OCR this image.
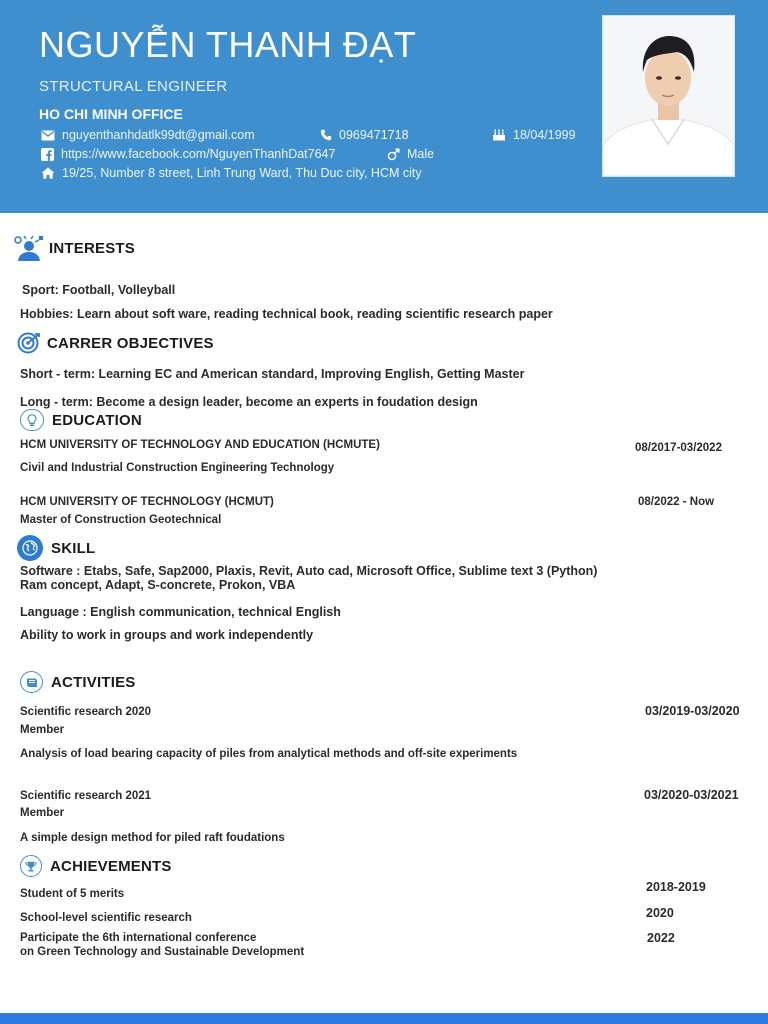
NGUYỄN THANH ĐẠT
STRUCTURAL ENGINEER
HO CHI MINH OFFICE
nguyenthanhdatlk99dt@gmail.com	0969471718	18/04/1999
https://www.facebook.com/NguyenThanhDat7647	Male
19/25, Number 8 street, Linh Trung Ward, Thu Duc city, HCM city
INTERESTS
Sport: Football, Volleyball
Hobbies: Learn about soft ware, reading technical book, reading scientific research paper
CARRER OBJECTIVES
Short - term: Learning EC and American standard, Improving English, Getting Master
Long - term: Become a design leader, become an experts in foudation design
EDUCATION
HCM UNIVERSITY OF TECHNOLOGY AND EDUCATION (HCMUTE)	08/2017-03/2022
Civil and Industrial Construction Engineering Technology
HCM UNIVERSITY OF TECHNOLOGY (HCMUT)	08/2022 - Now
Master of Construction Geotechnical
SKILL
Software : Etabs, Safe, Sap2000, Plaxis, Revit, Auto cad, Microsoft Office, Sublime text 3 (Python)
Ram concept, Adapt, S-concrete, Prokon, VBA
Language : English communication, technical English
Ability to work in groups and work independently
ACTIVITIES
Scientific research 2020	03/2019-03/2020
Member
Analysis of load bearing capacity of piles from analytical methods and off-site experiments
Scientific research 2021	03/2020-03/2021
Member
A simple design method for piled raft foudations
ACHIEVEMENTS
Student of 5 merits	2018-2019
School-level scientific research	2020
Participate the 6th international conference
on Green Technology and Sustainable Development
2022
